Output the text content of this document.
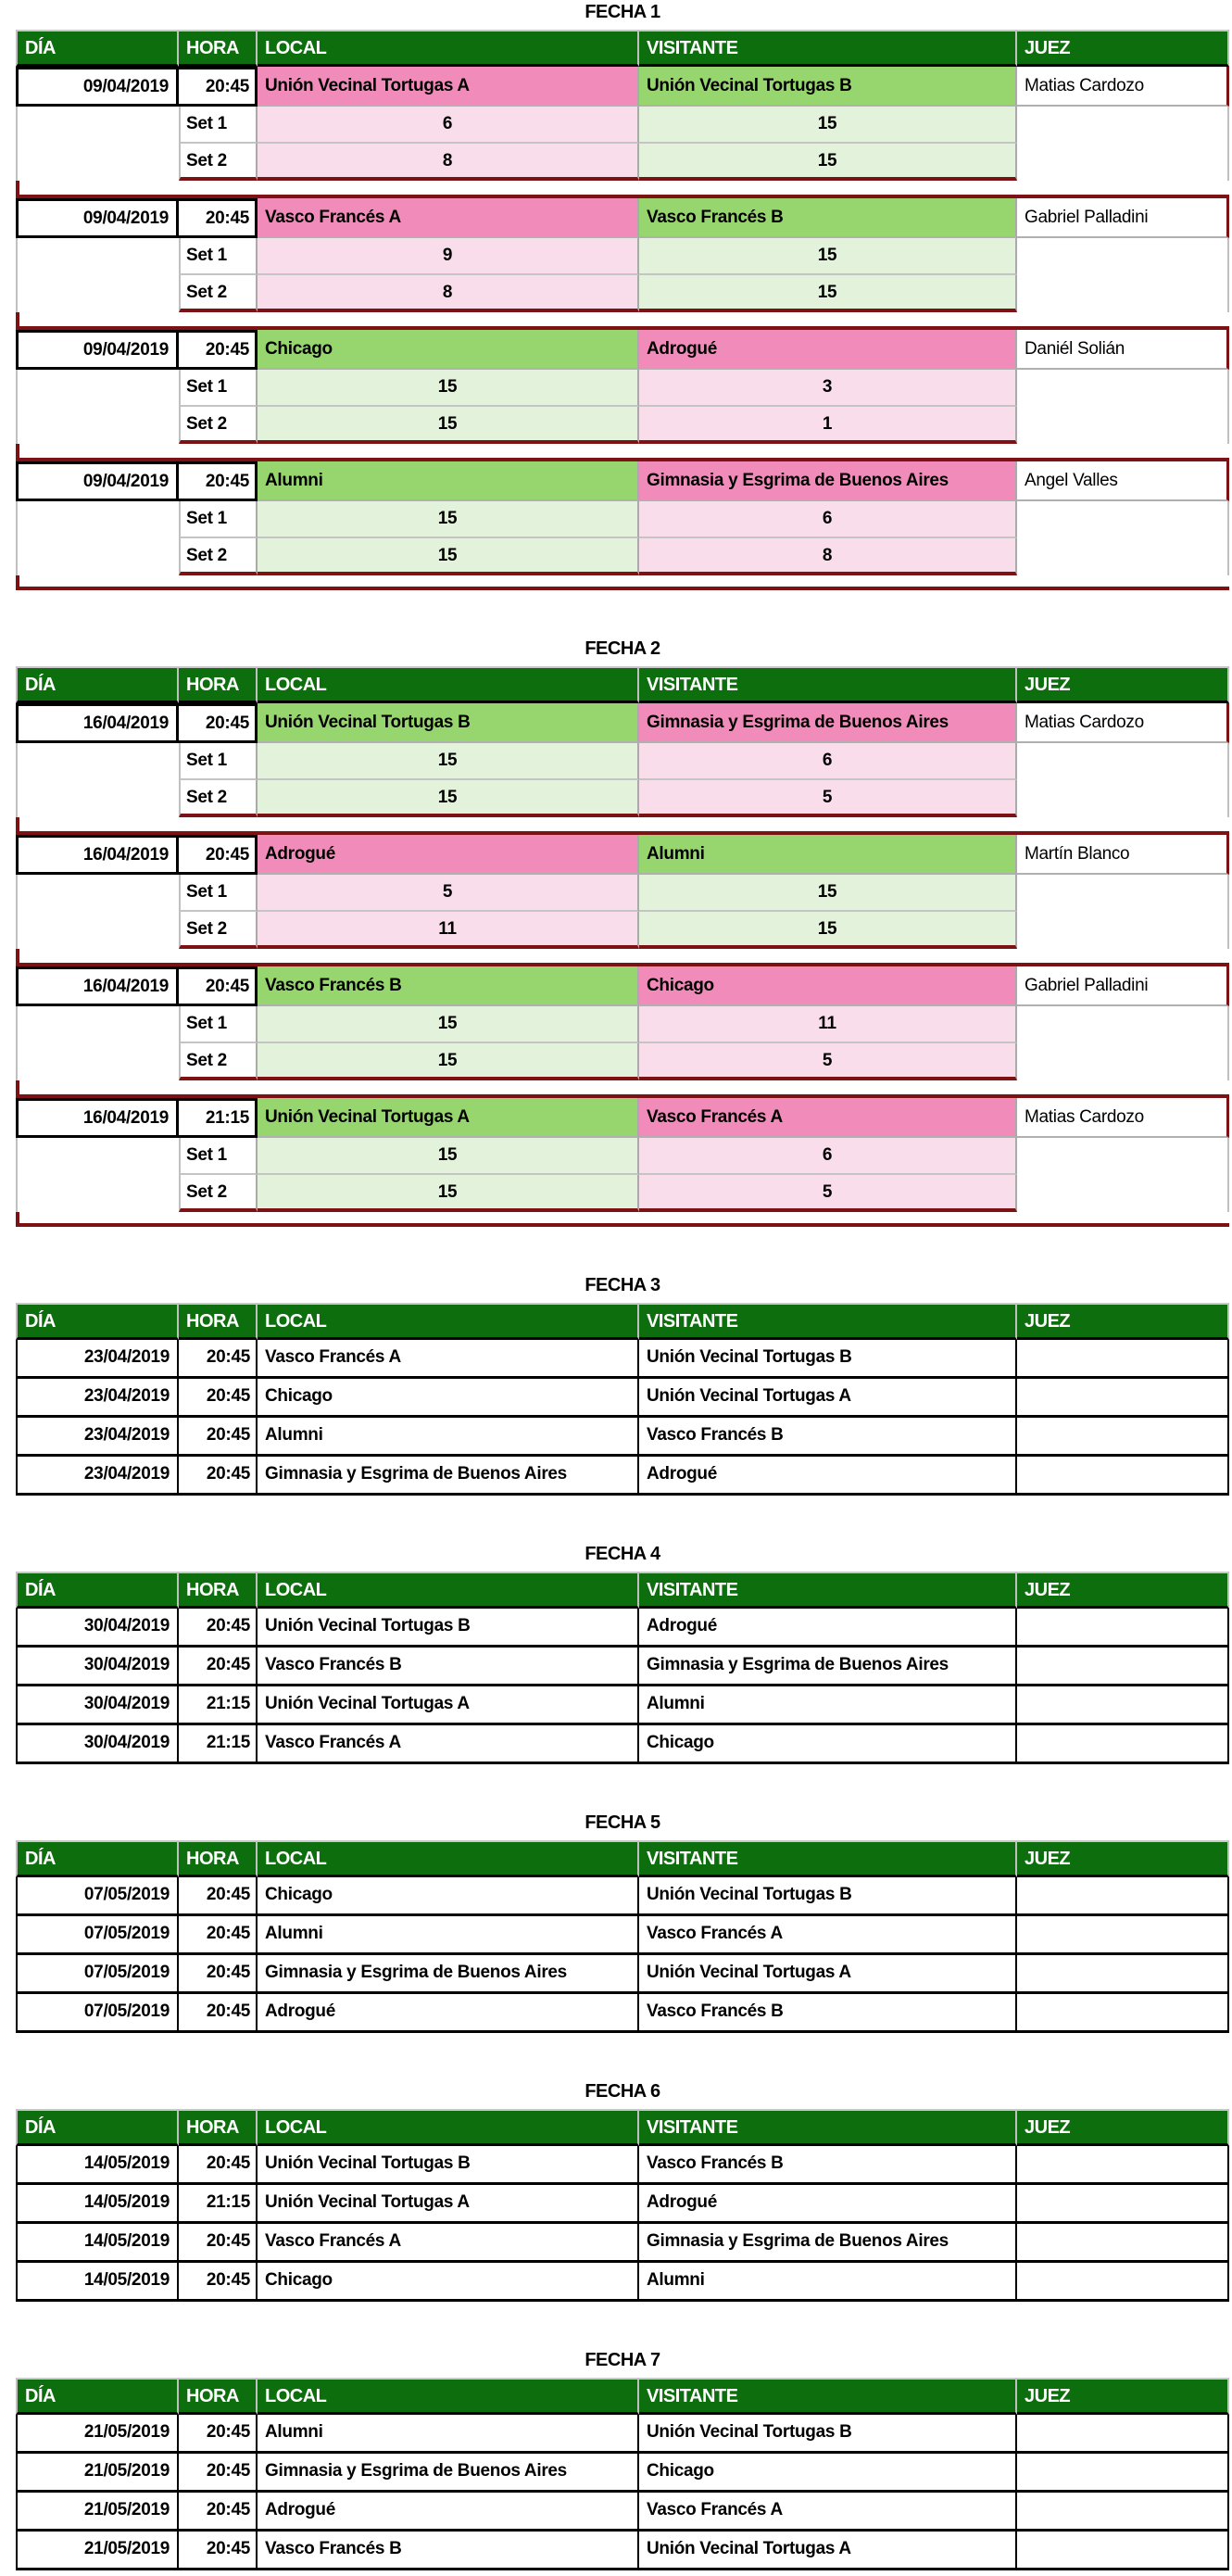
FECHA 1
DÍA	HORA	LOCAL	VISITANTE	JUEZ
09/04/2019	20:45 Unión Vecinal Tortugas A	Unión Vecinal Tortugas B	Matias Cardozo
Set 1	6	15
Set 2	8	15
09/04/2019	20:45 Vasco Francés A	Vasco Francés B	Gabriel Palladini
Set 1	9	15
Set 2	8	15
09/04/2019	20:45 Chicago	Adrogué	Daniél Solián
Set 1	15	3
Set 2	15	1
09/04/2019	20:45 Alumni	Gimnasia y Esgrima de Buenos Aires	Angel Valles
Set 1	15	6
Set 2	15	8
FECHA 2
DÍA	HORA	LOCAL	VISITANTE	JUEZ
16/04/2019	20:45 Unión Vecinal Tortugas B	Gimnasia y Esgrima de Buenos Aires	Matias Cardozo
Set 1	15	6
Set 2	15	5
16/04/2019	20:45 Adrogué	Alumni	Martín Blanco
Set 1	5	15
Set 2	11	15
16/04/2019	20:45 Vasco Francés B	Chicago	Gabriel Palladini
Set 1	15	11
Set 2	15	5
16/04/2019	21:15 Unión Vecinal Tortugas A	Vasco Francés A	Matias Cardozo
Set 1	15	6
Set 2	15	5
FECHA 3
DÍA	HORA	LOCAL	VISITANTE	JUEZ
23/04/2019	20:45 Vasco Francés A	Unión Vecinal Tortugas B
23/04/2019	20:45 Chicago	Unión Vecinal Tortugas A
23/04/2019	20:45 Alumni	Vasco Francés B
23/04/2019	20:45 Gimnasia y Esgrima de Buenos Aires	Adrogué
FECHA 4
DÍA	HORA	LOCAL	VISITANTE	JUEZ
30/04/2019	20:45 Unión Vecinal Tortugas B	Adrogué
30/04/2019	20:45 Vasco Francés B	Gimnasia y Esgrima de Buenos Aires
30/04/2019	21:15 Unión Vecinal Tortugas A	Alumni
30/04/2019	21:15 Vasco Francés A	Chicago
FECHA 5
DÍA	HORA	LOCAL	VISITANTE	JUEZ
07/05/2019	20:45 Chicago	Unión Vecinal Tortugas B
07/05/2019	20:45 Alumni	Vasco Francés A
07/05/2019	20:45 Gimnasia y Esgrima de Buenos Aires	Unión Vecinal Tortugas A
07/05/2019	20:45 Adrogué	Vasco Francés B
FECHA 6
DÍA	HORA	LOCAL	VISITANTE	JUEZ
14/05/2019	20:45 Unión Vecinal Tortugas B	Vasco Francés B
14/05/2019	21:15 Unión Vecinal Tortugas A	Adrogué
14/05/2019	20:45 Vasco Francés A	Gimnasia y Esgrima de Buenos Aires
14/05/2019	20:45 Chicago	Alumni
FECHA 7
DÍA	HORA	LOCAL	VISITANTE	JUEZ
21/05/2019	20:45 Alumni	Unión Vecinal Tortugas B
21/05/2019	20:45 Gimnasia y Esgrima de Buenos Aires	Chicago
21/05/2019	20:45 Adrogué	Vasco Francés A
21/05/2019	20:45 Vasco Francés B	Unión Vecinal Tortugas A
